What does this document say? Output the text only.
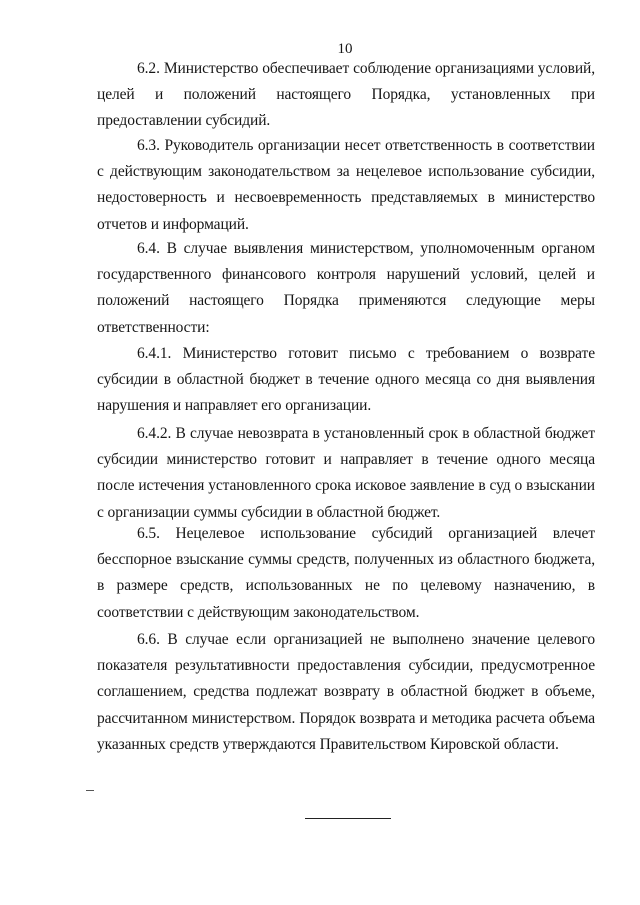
10

6.2. Министерство обеспечивает соблюдение организациями условий, целей и положений настоящего Порядка, установленных при предоставлении субсидий.

6.3. Руководитель организации несет ответственность в соответствии с действующим законодательством за нецелевое использование субсидии, недостоверность и несвоевременность представляемых в министерство отчетов и информаций.

6.4. В случае выявления министерством, уполномоченным органом государственного финансового контроля нарушений условий, целей и положений настоящего Порядка применяются следующие меры ответственности:

6.4.1. Министерство готовит письмо с требованием о возврате субсидии в областной бюджет в течение одного месяца со дня выявления нарушения и направляет его организации.

6.4.2. В случае невозврата в установленный срок в областной бюджет субсидии министерство готовит и направляет в течение одного месяца после истечения установленного срока исковое заявление в суд о взыскании с организации суммы субсидии в областной бюджет.

6.5. Нецелевое использование субсидий организацией влечет бесспорное взыскание суммы средств, полученных из областного бюджета, в размере средств, использованных не по целевому назначению, в соответствии с действующим законодательством.

6.6. В случае если организацией не выполнено значение целевого показателя результативности предоставления субсидии, предусмотренное соглашением, средства подлежат возврату в областной бюджет в объеме, рассчитанном министерством. Порядок возврата и методика расчета объема указанных средств утверждаются Правительством Кировской области.
